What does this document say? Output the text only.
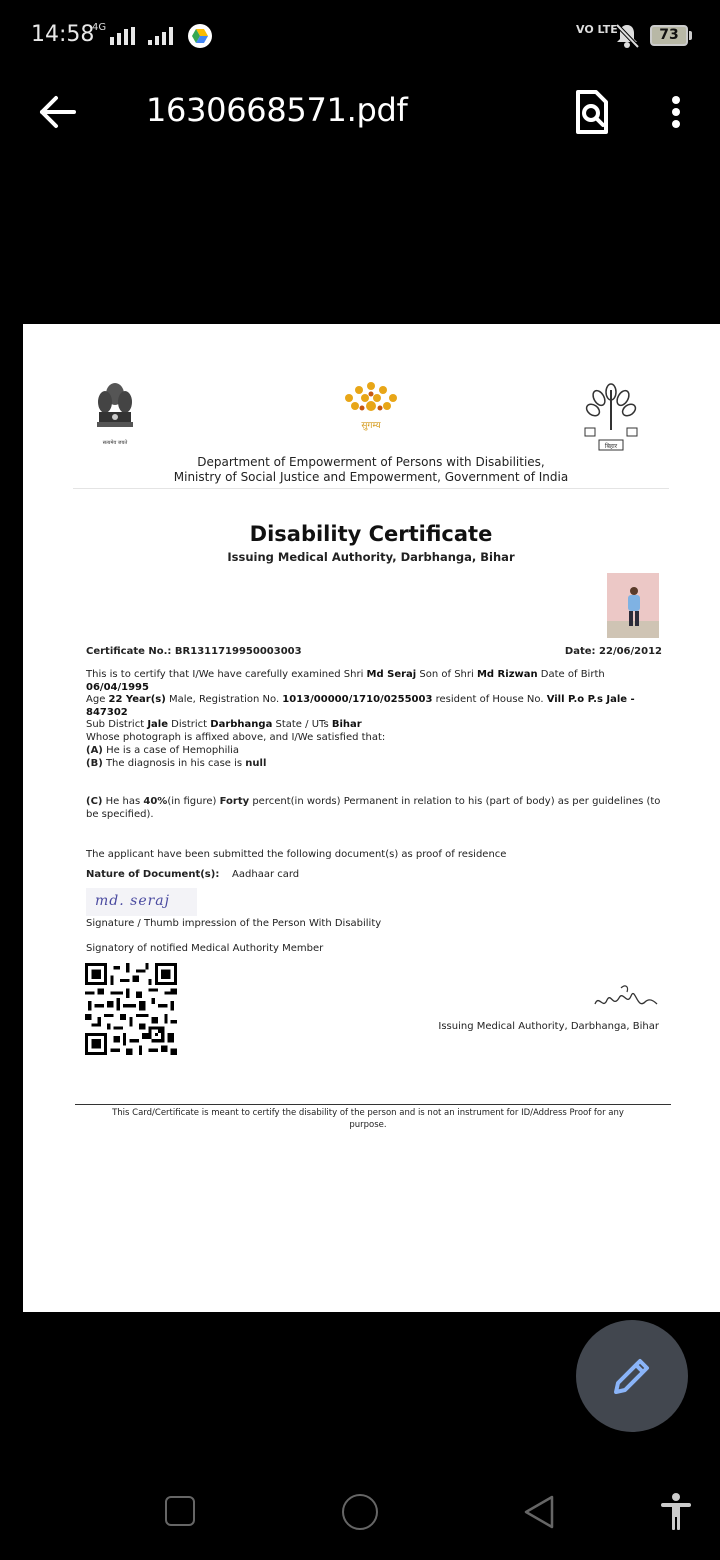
14:58
4G	VO LTE	73
1630668571.pdf
सत्यमेव जयते
सुगम्य
बिहार
Department of Empowerment of Persons with Disabilities,
Ministry of Social Justice and Empowerment, Government of India
Disability Certificate
Issuing Medical Authority, Darbhanga, Bihar
Certificate No.: BR1311719950003003	Date: 22/06/2012
This is to certify that I/We have carefully examined Shri Md Seraj Son of Shri Md Rizwan Date of Birth 06/04/1995
Age 22 Year(s) Male, Registration No. 1013/00000/1710/0255003 resident of House No. Vill P.o P.s Jale - 847302
Sub District Jale District Darbhanga State / UTs Bihar
Whose photograph is affixed above, and I/We satisfied that:
(A) He is a case of Hemophilia
(B) The diagnosis in his case is null
(C) He has 40%(in figure) Forty percent(in words) Permanent in relation to his (part of body) as per guidelines (to be specified).
The applicant have been submitted the following document(s) as proof of residence
Nature of Document(s): Aadhaar card
md. seraj
Signature / Thumb impression of the Person With Disability
Signatory of notified Medical Authority Member
Issuing Medical Authority, Darbhanga, Bihar
This Card/Certificate is meant to certify the disability of the person and is not an instrument for ID/Address Proof for any purpose.
